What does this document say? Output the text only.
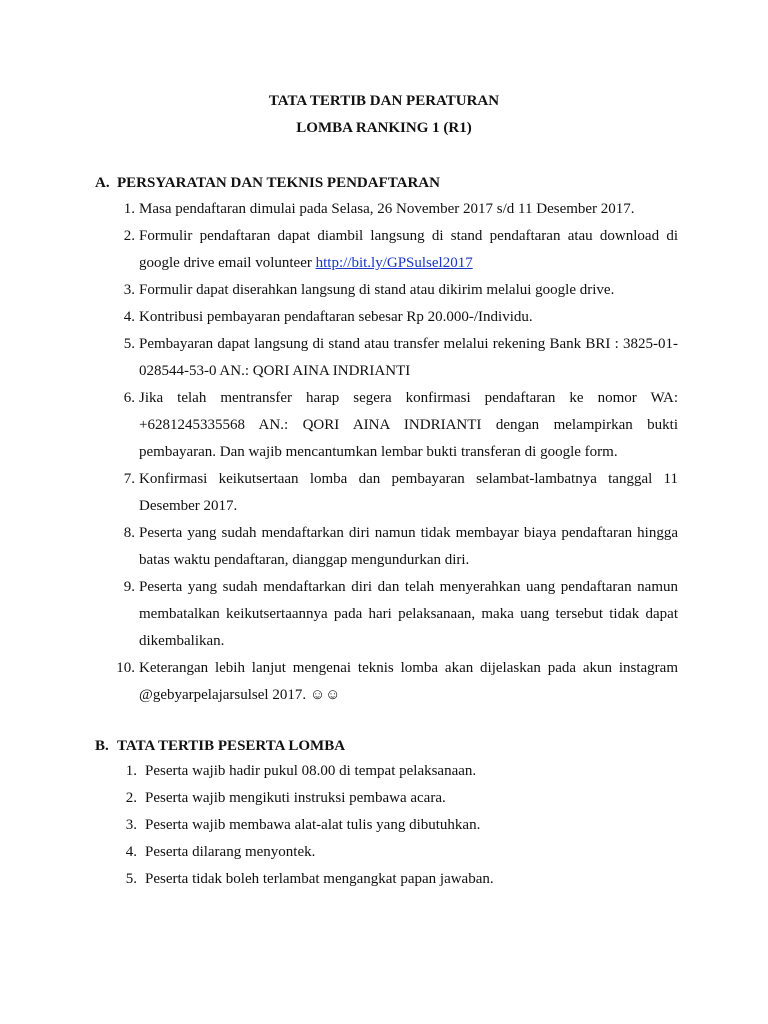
TATA TERTIB DAN PERATURAN
LOMBA RANKING 1 (R1)
A. PERSYARATAN DAN TEKNIS PENDAFTARAN
1. Masa pendaftaran dimulai pada Selasa, 26 November 2017 s/d 11 Desember 2017.
2. Formulir pendaftaran dapat diambil langsung di stand pendaftaran atau download di google drive email volunteer http://bit.ly/GPSulsel2017
3. Formulir dapat diserahkan langsung di stand atau dikirim melalui google drive.
4. Kontribusi pembayaran pendaftaran sebesar Rp 20.000-/Individu.
5. Pembayaran dapat langsung di stand atau transfer melalui rekening Bank BRI : 3825-01-028544-53-0 AN.: QORI AINA INDRIANTI
6. Jika telah mentransfer harap segera konfirmasi pendaftaran ke nomor WA: +6281245335568 AN.: QORI AINA INDRIANTI dengan melampirkan bukti pembayaran. Dan wajib mencantumkan lembar bukti transferan di google form.
7. Konfirmasi keikutsertaan lomba dan pembayaran selambat-lambatnya tanggal 11 Desember 2017.
8. Peserta yang sudah mendaftarkan diri namun tidak membayar biaya pendaftaran hingga batas waktu pendaftaran, dianggap mengundurkan diri.
9. Peserta yang sudah mendaftarkan diri dan telah menyerahkan uang pendaftaran namun membatalkan keikutsertaannya pada hari pelaksanaan, maka uang tersebut tidak dapat dikembalikan.
10. Keterangan lebih lanjut mengenai teknis lomba akan dijelaskan pada akun instagram @gebyarpelajarsulsel 2017. ☺☺
B. TATA TERTIB PESERTA LOMBA
1. Peserta wajib hadir pukul 08.00 di tempat pelaksanaan.
2. Peserta wajib mengikuti instruksi pembawa acara.
3. Peserta wajib membawa alat-alat tulis yang dibutuhkan.
4. Peserta dilarang menyontek.
5. Peserta tidak boleh terlambat mengangkat papan jawaban.
